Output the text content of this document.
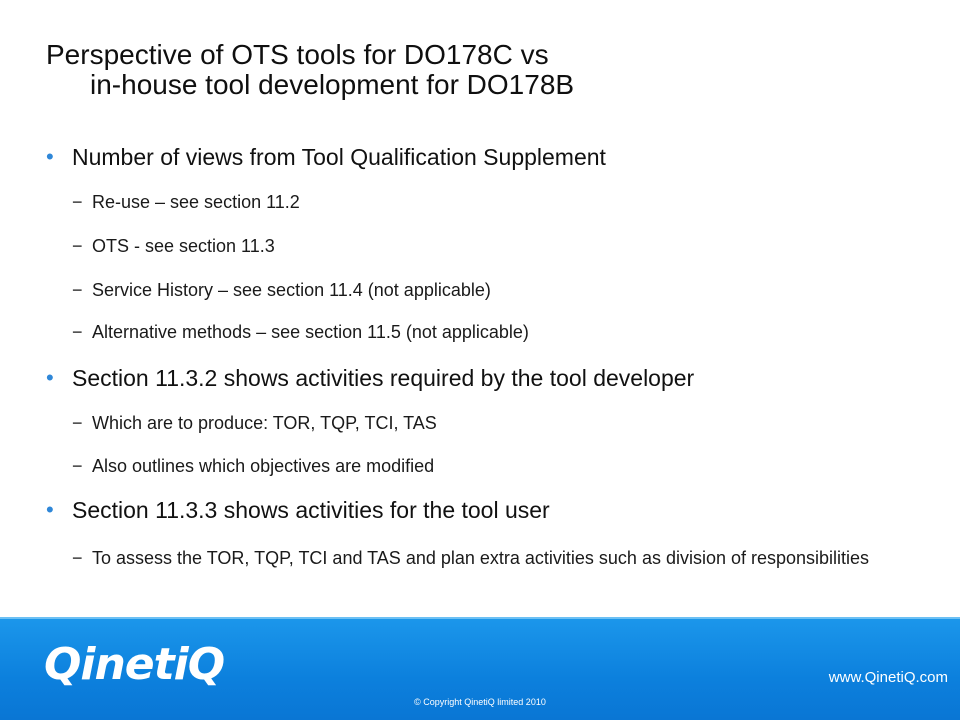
Perspective of OTS tools for DO178C vs
in-house tool development for DO178B
• Number of views from Tool Qualification Supplement
− Re-use – see section 11.2
− OTS - see section 11.3
− Service History – see section 11.4 (not applicable)
− Alternative methods – see section 11.5 (not applicable)
• Section 11.3.2 shows activities required by the tool developer
− Which are to produce: TOR, TQP, TCI, TAS
− Also outlines which objectives are modified
• Section 11.3.3 shows activities for the tool user
− To assess the TOR, TQP, TCI and TAS and plan extra activities such as division of responsibilities
QinetiQ	www.QinetiQ.com
© Copyright QinetiQ limited 2010
